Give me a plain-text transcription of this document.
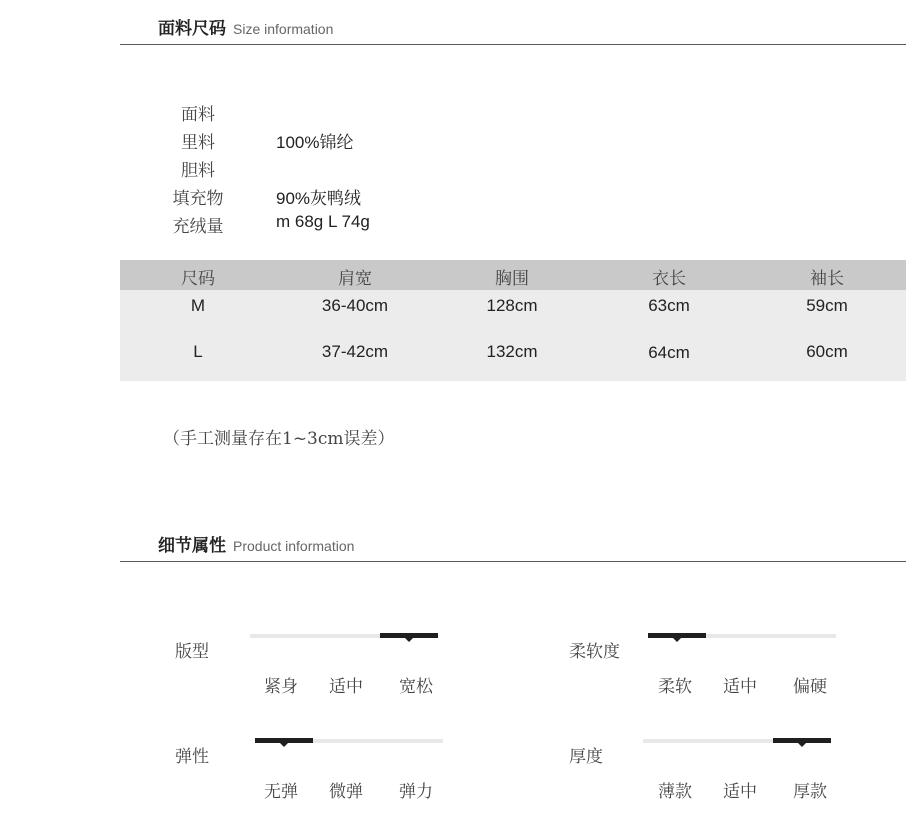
面料尺码 Size information
面料
里料	100%锦纶
胆料
填充物	90%灰鸭绒
充绒量	m 68g L 74g
尺码	肩宽	胸围	衣长	袖长
M	36-40cm	128cm	63cm	59cm
L	37-42cm	132cm	64cm	60cm
（手工测量存在1~3cm误差）
细节属性 Product information
版型
紧身	适中	宽松
柔软度
柔软	适中	偏硬
弹性
无弹	微弹	弹力
厚度
薄款	适中	厚款
